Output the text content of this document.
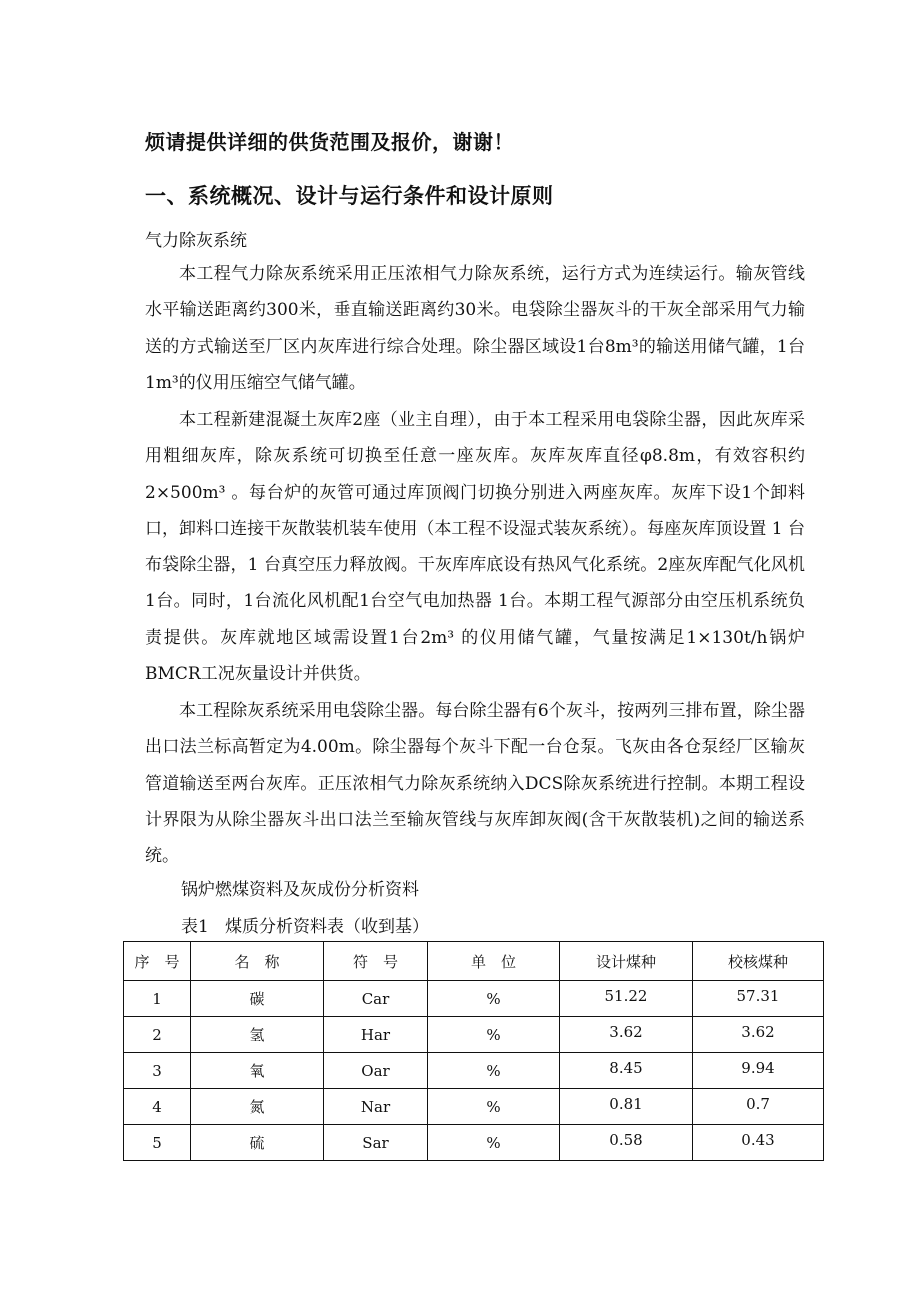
烦请提供详细的供货范围及报价，谢谢！
一、系统概况、设计与运行条件和设计原则
气力除灰系统

本工程气力除灰系统采用正压浓相气力除灰系统，运行方式为连续运行。输灰管线水平输送距离约300米，垂直输送距离约30米。电袋除尘器灰斗的干灰全部采用气力输送的方式输送至厂区内灰库进行综合处理。除尘器区域设1台8m³的输送用储气罐，1台1m³的仪用压缩空气储气罐。

本工程新建混凝土灰库2座（业主自理），由于本工程采用电袋除尘器，因此灰库采用粗细灰库，除灰系统可切换至任意一座灰库。灰库灰库直径φ8.8m，有效容积约 2×500m³ 。每台炉的灰管可通过库顶阀门切换分别进入两座灰库。灰库下设1个卸料口，卸料口连接干灰散装机装车使用（本工程不设湿式装灰系统）。每座灰库顶设置 1 台布袋除尘器，1 台真空压力释放阀。干灰库库底设有热风气化系统。2座灰库配气化风机1台。同时，1台流化风机配1台空气电加热器 1台。本期工程气源部分由空压机系统负责提供。灰库就地区域需设置1台2m³ 的仪用储气罐，气量按满足1×130t/h锅炉BMCR工况灰量设计并供货。

本工程除灰系统采用电袋除尘器。每台除尘器有6个灰斗，按两列三排布置，除尘器出口法兰标高暂定为4.00m。除尘器每个灰斗下配一台仓泵。飞灰由各仓泵经厂区输灰管道输送至两台灰库。正压浓相气力除灰系统纳入DCS除灰系统进行控制。本期工程设计界限为从除尘器灰斗出口法兰至输灰管线与灰库卸灰阀(含干灰散装机)之间的输送系统。

锅炉燃煤资料及灰成份分析资料
表1   煤质分析资料表（收到基）
序　号	名　称	符　号	单　位	设计煤种	校核煤种
1	碳	Car	%	51.22	57.31
2	氢	Har	%	3.62	3.62
3	氧	Oar	%	8.45	9.94
4	氮	Nar	%	0.81	0.7
5	硫	Sar	%	0.58	0.43
